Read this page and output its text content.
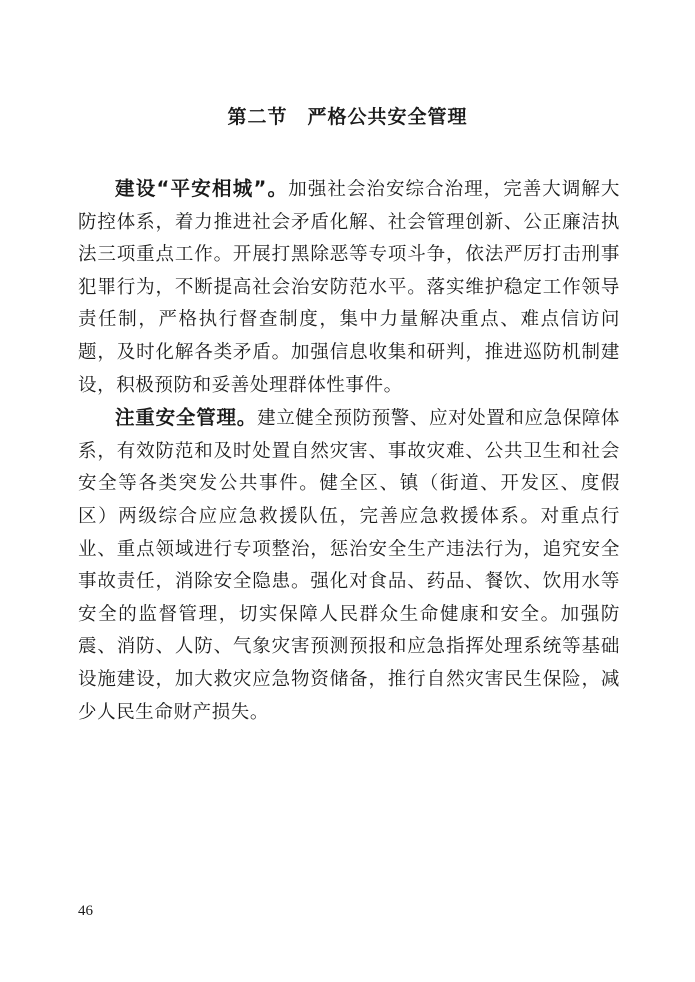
第二节　严格公共安全管理

建设“平安相城”。加强社会治安综合治理，完善大调解大防控体系，着力推进社会矛盾化解、社会管理创新、公正廉洁执法三项重点工作。开展打黑除恶等专项斗争，依法严厉打击刑事犯罪行为，不断提高社会治安防范水平。落实维护稳定工作领导责任制，严格执行督查制度，集中力量解决重点、难点信访问题，及时化解各类矛盾。加强信息收集和研判，推进巡防机制建设，积极预防和妥善处理群体性事件。

注重安全管理。建立健全预防预警、应对处置和应急保障体系，有效防范和及时处置自然灾害、事故灾难、公共卫生和社会安全等各类突发公共事件。健全区、镇（街道、开发区、度假区）两级综合应应急救援队伍，完善应急救援体系。对重点行业、重点领域进行专项整治，惩治安全生产违法行为，追究安全事故责任，消除安全隐患。强化对食品、药品、餐饮、饮用水等安全的监督管理，切实保障人民群众生命健康和安全。加强防震、消防、人防、气象灾害预测预报和应急指挥处理系统等基础设施建设，加大救灾应急物资储备，推行自然灾害民生保险，减少人民生命财产损失。

46
